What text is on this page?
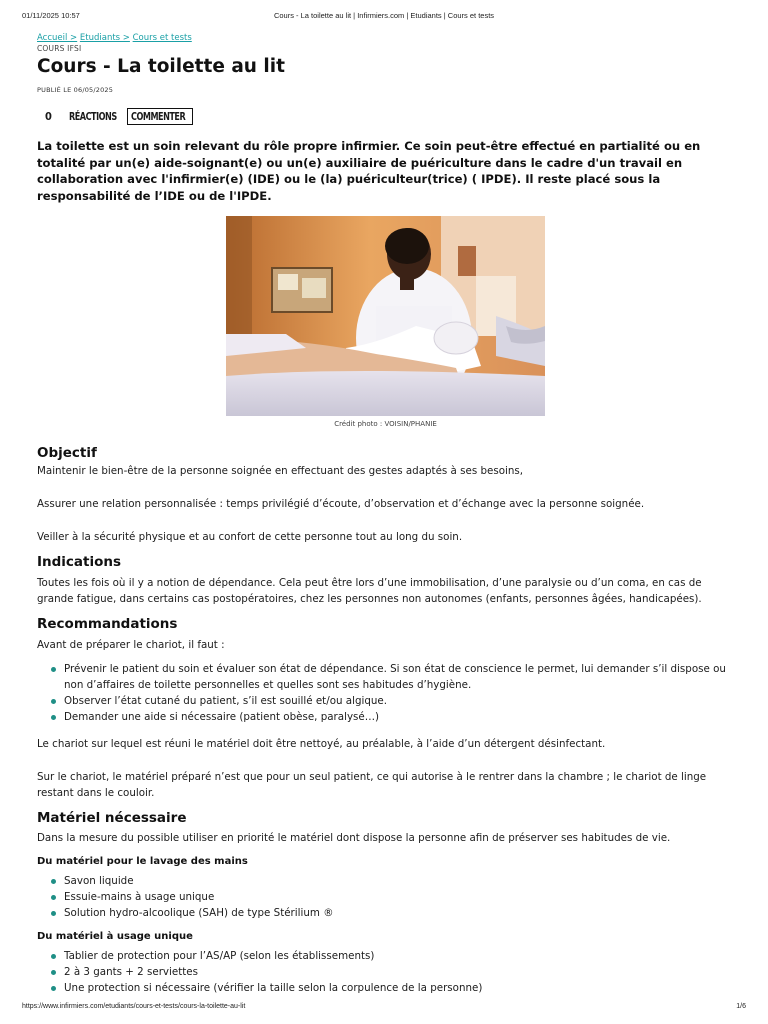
01/11/2025 10:57	Cours - La toilette au lit | Infirmiers.com | Etudiants | Cours et tests
Accueil > Etudiants > Cours et tests
COURS IFSI
Cours - La toilette au lit
PUBLIÉ LE 06/05/2025
0	RÉACTIONS	COMMENTER

La toilette est un soin relevant du rôle propre infirmier. Ce soin peut-être effectué en partialité ou en totalité par un(e) aide-soignant(e) ou un(e) auxiliaire de puériculture dans le cadre d'un travail en collaboration avec l'infirmier(e) (IDE) ou le (la) puériculteur(trice) ( IPDE). Il reste placé sous la responsabilité de l’IDE ou de l'IPDE.

Crédit photo : VOISIN/PHANIE
Objectif

Maintenir le bien-être de la personne soignée en effectuant des gestes adaptés à ses besoins,

Assurer une relation personnalisée : temps privilégié d’écoute, d’observation et d’échange avec la personne soignée.

Veiller à la sécurité physique et au confort de cette personne tout au long du soin.

Indications

Toutes les fois où il y a notion de dépendance. Cela peut être lors d’une immobilisation, d’une paralysie ou d’un coma, en cas de grande fatigue, dans certains cas postopératoires, chez les personnes non autonomes (enfants, personnes âgées, handicapées).

Recommandations

Avant de préparer le chariot, il faut :

Prévenir le patient du soin et évaluer son état de dépendance. Si son état de conscience le permet, lui demander s’il dispose ou non d’affaires de toilette personnelles et quelles sont ses habitudes d’hygiène.
Observer l’état cutané du patient, s’il est souillé et/ou algique.
Demander une aide si nécessaire (patient obèse, paralysé…)

Le chariot sur lequel est réuni le matériel doit être nettoyé, au préalable, à l’aide d’un détergent désinfectant.

Sur le chariot, le matériel préparé n’est que pour un seul patient, ce qui autorise à le rentrer dans la chambre ; le chariot de linge restant dans le couloir.

Matériel nécessaire

Dans la mesure du possible utiliser en priorité le matériel dont dispose la personne afin de préserver ses habitudes de vie.

Du matériel pour le lavage des mains
Savon liquide
Essuie-mains à usage unique
Solution hydro-alcoolique (SAH) de type Stérilium ®
Du matériel à usage unique
Tablier de protection pour l’AS/AP (selon les établissements)
2 à 3 gants + 2 serviettes
Une protection si nécessaire (vérifier la taille selon la corpulence de la personne)
https://www.infirmiers.com/etudiants/cours-et-tests/cours-la-toilette-au-lit	1/6
